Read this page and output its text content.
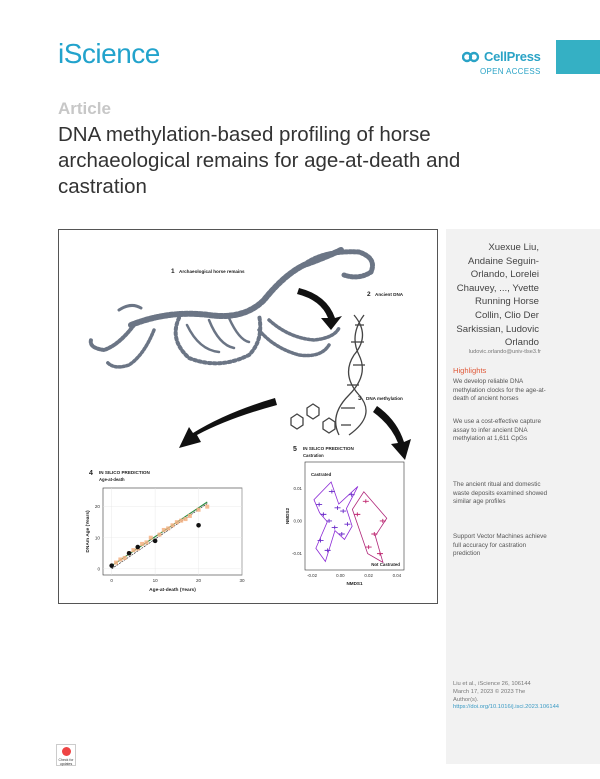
iScience	CellPress
OPEN ACCESS
Article
DNA methylation-based profiling of horse archaeological remains for age-at-death and castration
1 Archaeological horse remains
2 Ancient DNA
3 DNA methylation
4 IN SILICO PREDICTION
Age-at-death
0	10	20	30
0
10
20
Age-at-death (Years)
DNAm Age (Years)
5 IN SILICO PREDICTION
Castration
-0.02	0.00	0.02	0.04
0.01
0.00
-0.01
Castrated
Not Castrated
NMDS1
NMDS2
Xuexue Liu, Andaine Seguin-Orlando, Lorelei Chauvey, ..., Yvette Running Horse Collin, Clio Der Sarkissian, Ludovic Orlando
ludovic.orlando@univ-tlse3.fr
Highlights
We develop reliable DNA methylation clocks for the age-at-death of ancient horses
We use a cost-effective capture assay to infer ancient DNA methylation at 1,611 CpGs
The ancient ritual and domestic waste deposits examined showed similar age profiles
Support Vector Machines achieve full accuracy for castration prediction
Liu et al., iScience 26, 106144 March 17, 2023 © 2023 The Author(s).
https://doi.org/10.1016/j.isci.2023.106144
Check for updates
